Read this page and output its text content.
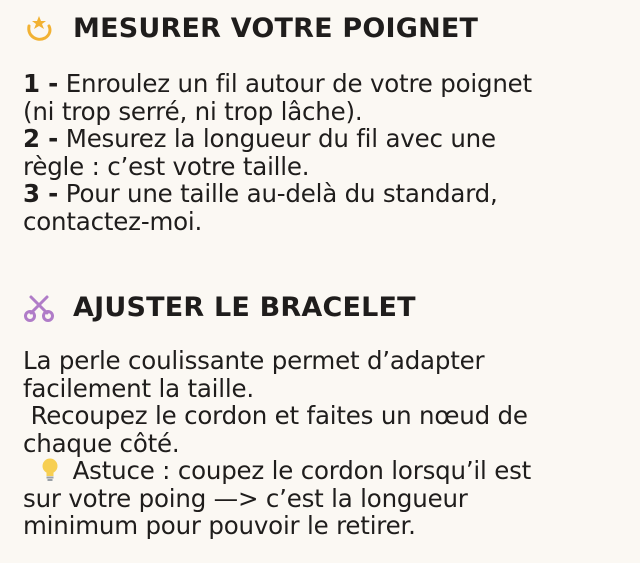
MESURER VOTRE POIGNET
1 - Enroulez un fil autour de votre poignet
(ni trop serré, ni trop lâche).
2 - Mesurez la longueur du fil avec une
règle : c’est votre taille.
3 - Pour une taille au-delà du standard,
contactez-moi.
AJUSTER LE BRACELET
La perle coulissante permet d’adapter
facilement la taille.
Recoupez le cordon et faites un nœud de
chaque côté.
Astuce : coupez le cordon lorsqu’il est
sur votre poing —> c’est la longueur
minimum pour pouvoir le retirer.
